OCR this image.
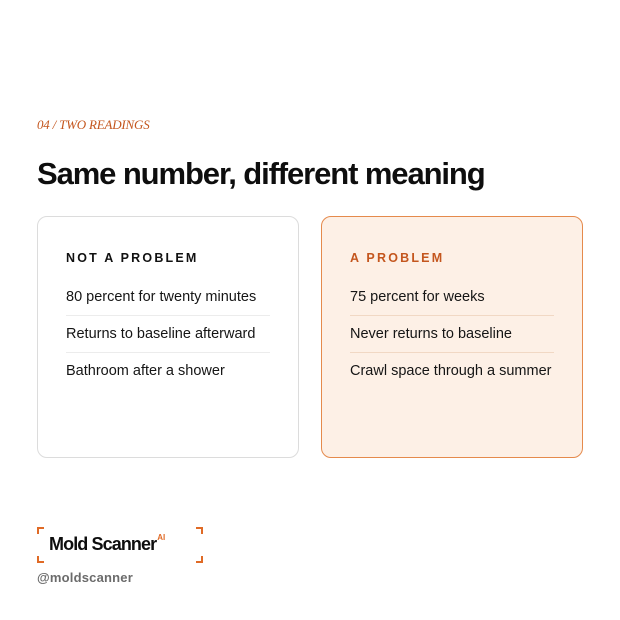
04 / TWO READINGS
Same number, different meaning
NOT A PROBLEM
80 percent for twenty minutes
Returns to baseline afterward
Bathroom after a shower
A PROBLEM
75 percent for weeks
Never returns to baseline
Crawl space through a summer
Mold Scanner$^{AI}$
@moldscanner
